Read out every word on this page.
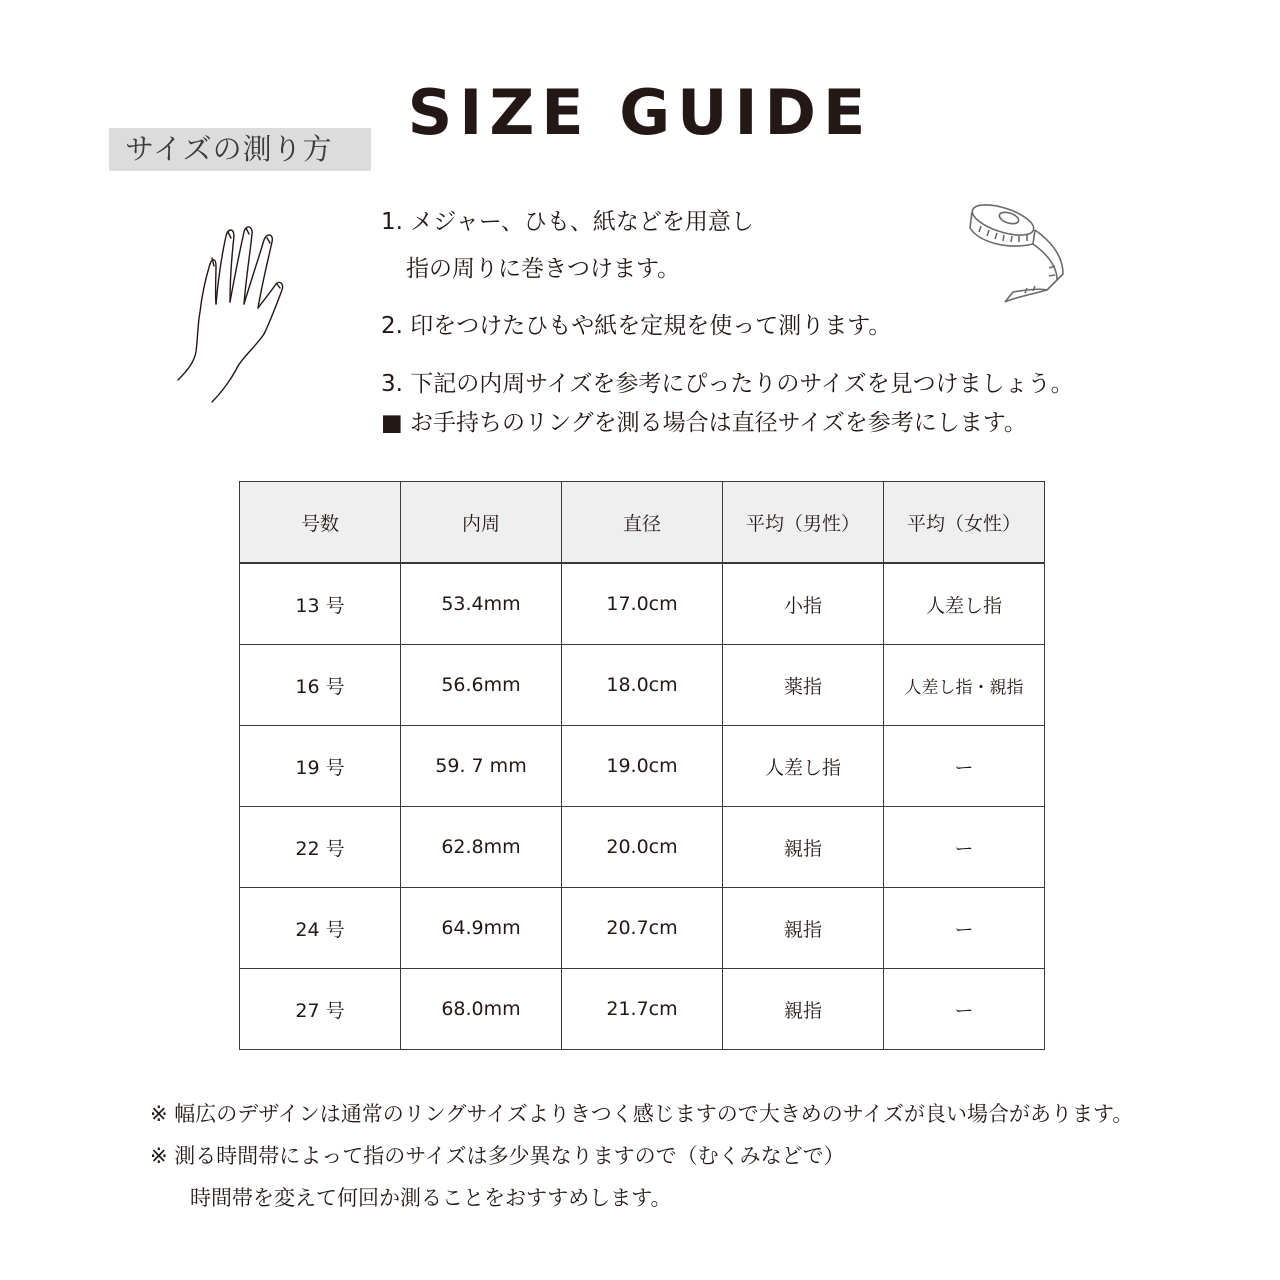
SIZE GUIDE
サイズの測り方
1. メジャー、ひも、紙などを用意し
指の周りに巻きつけます。
2. 印をつけたひもや紙を定規を使って測ります。
3. 下記の内周サイズを参考にぴったりのサイズを見つけましょう。
■ お手持ちのリングを測る場合は直径サイズを参考にします。
号数	内周	直径	平均（男性）	平均（女性）
13 号	53.4mm	17.0cm	小指	人差し指
16 号	56.6mm	18.0cm	薬指	人差し指・親指
19 号	59. 7 mm	19.0cm	人差し指	ー
22 号	62.8mm	20.0cm	親指	ー
24 号	64.9mm	20.7cm	親指	ー
27 号	68.0mm	21.7cm	親指	ー
※ 幅広のデザインは通常のリングサイズよりきつく感じますので大きめのサイズが良い場合があります。
※ 測る時間帯によって指のサイズは多少異なりますので（むくみなどで）
時間帯を変えて何回か測ることをおすすめします。
